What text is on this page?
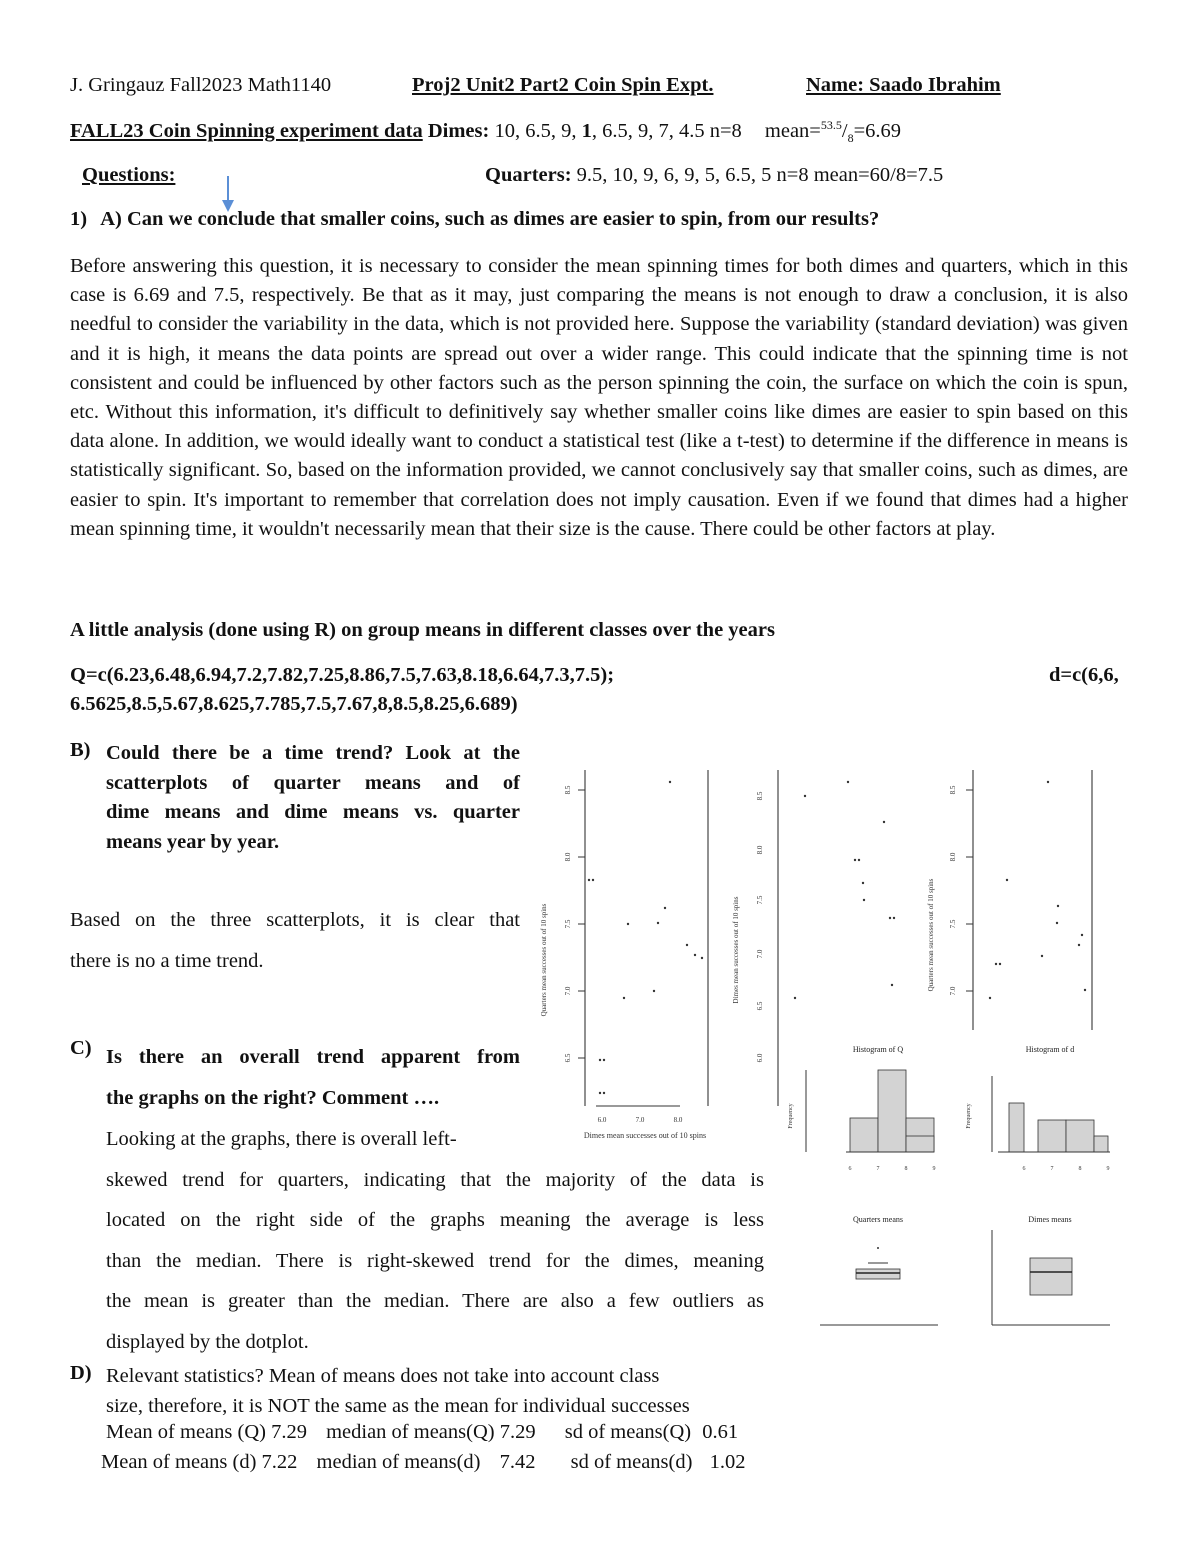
J. Gringauz Fall2023 Math1140	Proj2 Unit2 Part2 Coin Spin Expt.	Name: Saado Ibrahim
FALL23 Coin Spinning experiment data Dimes: 10, 6.5, 9, 1, 6.5, 9, 7, 4.5 n=8 $mean=^{53.5}/_8=6.69$
Questions:	Quarters: 9.5, 10, 9, 6, 9, 5, 6.5, 5 n=8 mean=60/8=7.5
1) A) Can we conclude that smaller coins, such as dimes are easier to spin, from our results?
Before answering this question, it is necessary to consider the mean spinning times for both dimes and quarters, which in this case is 6.69 and 7.5, respectively. Be that as it may, just comparing the means is not enough to draw a conclusion, it is also needful to consider the variability in the data, which is not provided here. Suppose the variability (standard deviation) was given and it is high, it means the data points are spread out over a wider range. This could indicate that the spinning time is not consistent and could be influenced by other factors such as the person spinning the coin, the surface on which the coin is spun, etc. Without this information, it's difficult to definitively say whether smaller coins like dimes are easier to spin based on this data alone. In addition, we would ideally want to conduct a statistical test (like a t-test) to determine if the difference in means is statistically significant. So, based on the information provided, we cannot conclusively say that smaller coins, such as dimes, are easier to spin. It's important to remember that correlation does not imply causation. Even if we found that dimes had a higher mean spinning time, it wouldn't necessarily mean that their size is the cause. There could be other factors at play.
A little analysis (done using R) on group means in different classes over the years
Q=c(6.23,6.48,6.94,7.2,7.82,7.25,8.86,7.5,7.63,8.18,6.64,7.3,7.5);	d=c(6,6,
6.5625,8.5,5.67,8.625,7.785,7.5,7.67,8,8.5,8.25,6.689)
B) Could there be a time trend? Look at the
scatterplots of quarter means and of
dime means and dime means vs. quarter
means year by year.
Based on the three scatterplots, it is clear that
there is no a time trend.
C) Is there an overall trend apparent from
the graphs on the right? Comment ….
Looking at the graphs, there is overall left-
skewed trend for quarters, indicating that the majority of the data is
located on the right side of the graphs meaning the average is less
than the median. There is right-skewed trend for the dimes, meaning
the mean is greater than the median. There are also a few outliers as
displayed by the dotplot.
D) Relevant statistics? Mean of means does not take into account class
size, therefore, it is NOT the same as the mean for individual successes
Mean of means (Q) 7.29 median of means(Q) 7.29 sd of means(Q) 0.61
Mean of means (d) 7.22 median of means(d) 7.42 sd of means(d) 1.02
Quarters mean successes out of 10 spins
8.5
8.0
7.5
7.0
6.5
6.0	7.0	8.0
Dimes mean successes out of 10 spins
Dimes mean successes out of 10 spins
8.5
8.0
7.5
7.0
6.5
6.0
Quarters mean successes out of 10 spins
8.5
8.0
7.5
7.0
Histogram of Q
Frequency
6	7	8	9
Histogram of d
Frequency
6	7	8	9
Quarters means	Dimes means
